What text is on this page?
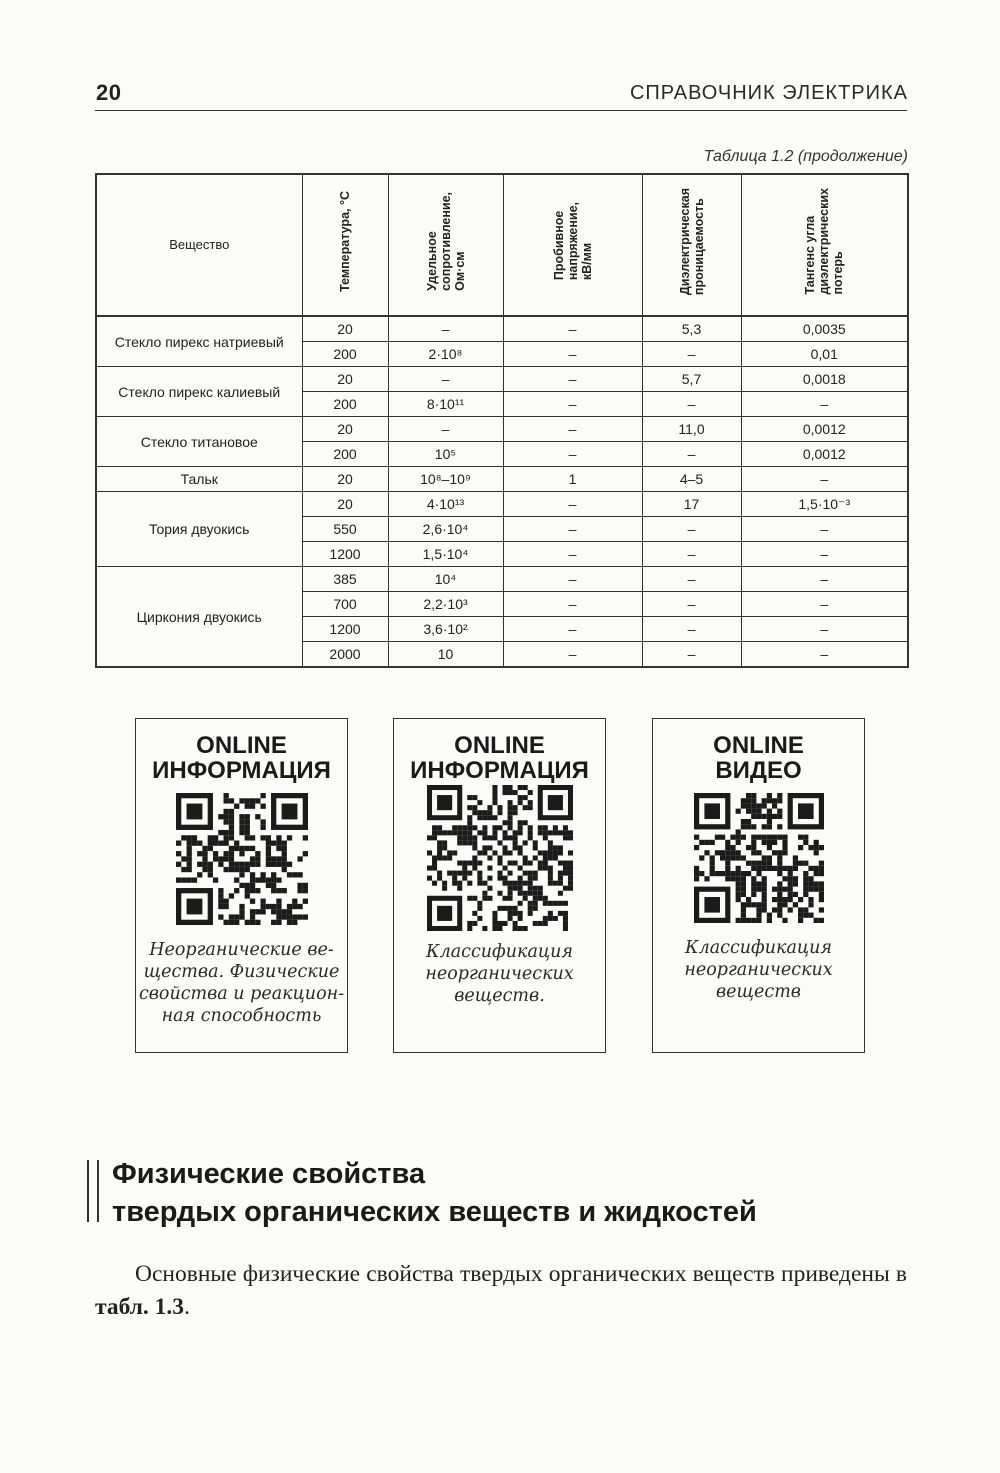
20	СПРАВОЧНИК ЭЛЕКТРИКА
Таблица 1.2 (продолжение)
Вещество	Температура, °С	Удельное
сопротивление,
Ом·см	Пробивное
напряжение,
кВ/мм	Диэлектрическая
проницаемость	Тангенс угла
диэлектрических
потерь
Стекло пирекс натриевый	20	–	–	5,3	0,0035
	200	2·10⁸	–	–	0,01
Стекло пирекс калиевый	20	–	–	5,7	0,0018
	200	8·10¹¹	–	–	–
Стекло титановое	20	–	–	11,0	0,0012
	200	10⁵	–	–	0,0012
Тальк	20	10⁸–10⁹	1	4–5	–
Тория двуокись	20	4·10¹³	–	17	1,5·10⁻³
	550	2,6·10⁴	–	–	–
	1200	1,5·10⁴	–	–	–
Циркония двуокись	385	10⁴	–	–	–
	700	2,2·10³	–	–	–
	1200	3,6·10²	–	–	–
	2000	10	–	–	–
ONLINE
ИНФОРМАЦИЯ
Неорганические ве-
щества. Физические
свойства и реакцион-
ная способность
ONLINE
ИНФОРМАЦИЯ
Классификация
неорганических
веществ.
ONLINE
ВИДЕО
Классификация
неорганических
веществ
Физические свойства
твердых органических веществ и жидкостей
Основные физические свойства твердых органических веществ приведены в табл. 1.3.
